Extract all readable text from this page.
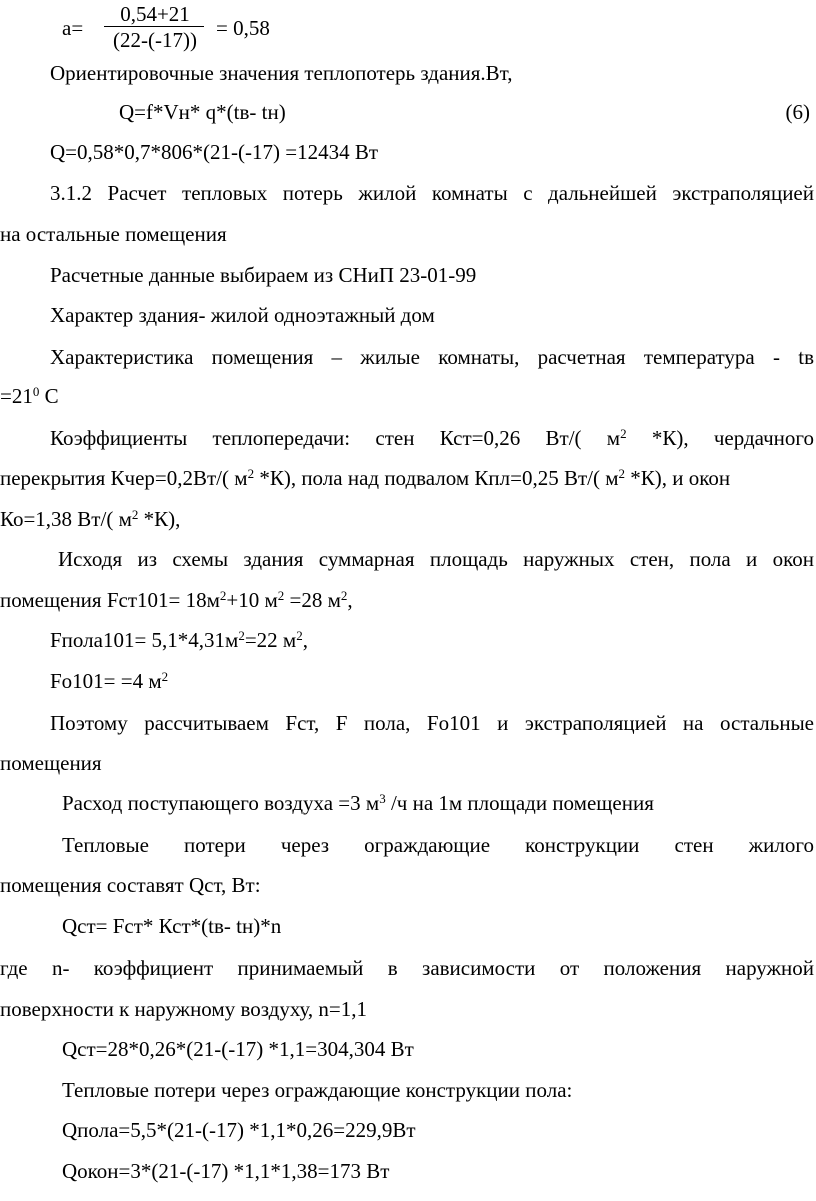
a=
0,54+21
(22-(-17)) = 0,58
Ориентировочные значения теплопотерь здания.Вт,
Q=f*Vн* q*(tв- tн)	(6)
Q=0,58*0,7*806*(21-(-17) =12434 Вт
3.1.2 Расчет тепловых потерь жилой комнаты с дальнейшей экстраполяцией
на остальные помещения
Расчетные данные выбираем из СНиП 23-01-99
Характер здания- жилой одноэтажный дом
Характеристика помещения – жилые комнаты, расчетная температура - tв
$=21^0$ С
Коэффициенты теплопередачи: стен Кст=0,26 Вт/( $м^2$ *К), чердачного
перекрытия Кчер=0,2Вт/( $м^2$ *К), пола над подвалом Кпл=0,25 Вт/( $м^2$ *К), и окон
Ко=1,38 Вт/( $м^2$ *К),
Исходя из схемы здания суммарная площадь наружных стен, пола и окон
помещения $Fст101= 18м^2+10$ $м^2 =28$ $м^2$,
Fпола101= $5,1*4,31м^2=22$ $м^2$,
Fо101= =4 $м^2$
Поэтому рассчитываем Fст, F пола, Fо101 и экстраполяцией на остальные
помещения
Расход поступающего воздуха =3 $м^3$ /ч на 1м площади помещения
Тепловые потери через ограждающие конструкции стен жилого
помещения составят Qст, Вт:
Qст= Fст* Кст*(tв- tн)*n
где n- коэффициент принимаемый в зависимости от положения наружной
поверхности к наружному воздуху, n=1,1
Qст=28*0,26*(21-(-17) *1,1=304,304 Вт
Тепловые потери через ограждающие конструкции пола:
Qпола=5,5*(21-(-17) *1,1*0,26=229,9Вт
Qокон=3*(21-(-17) *1,1*1,38=173 Вт
